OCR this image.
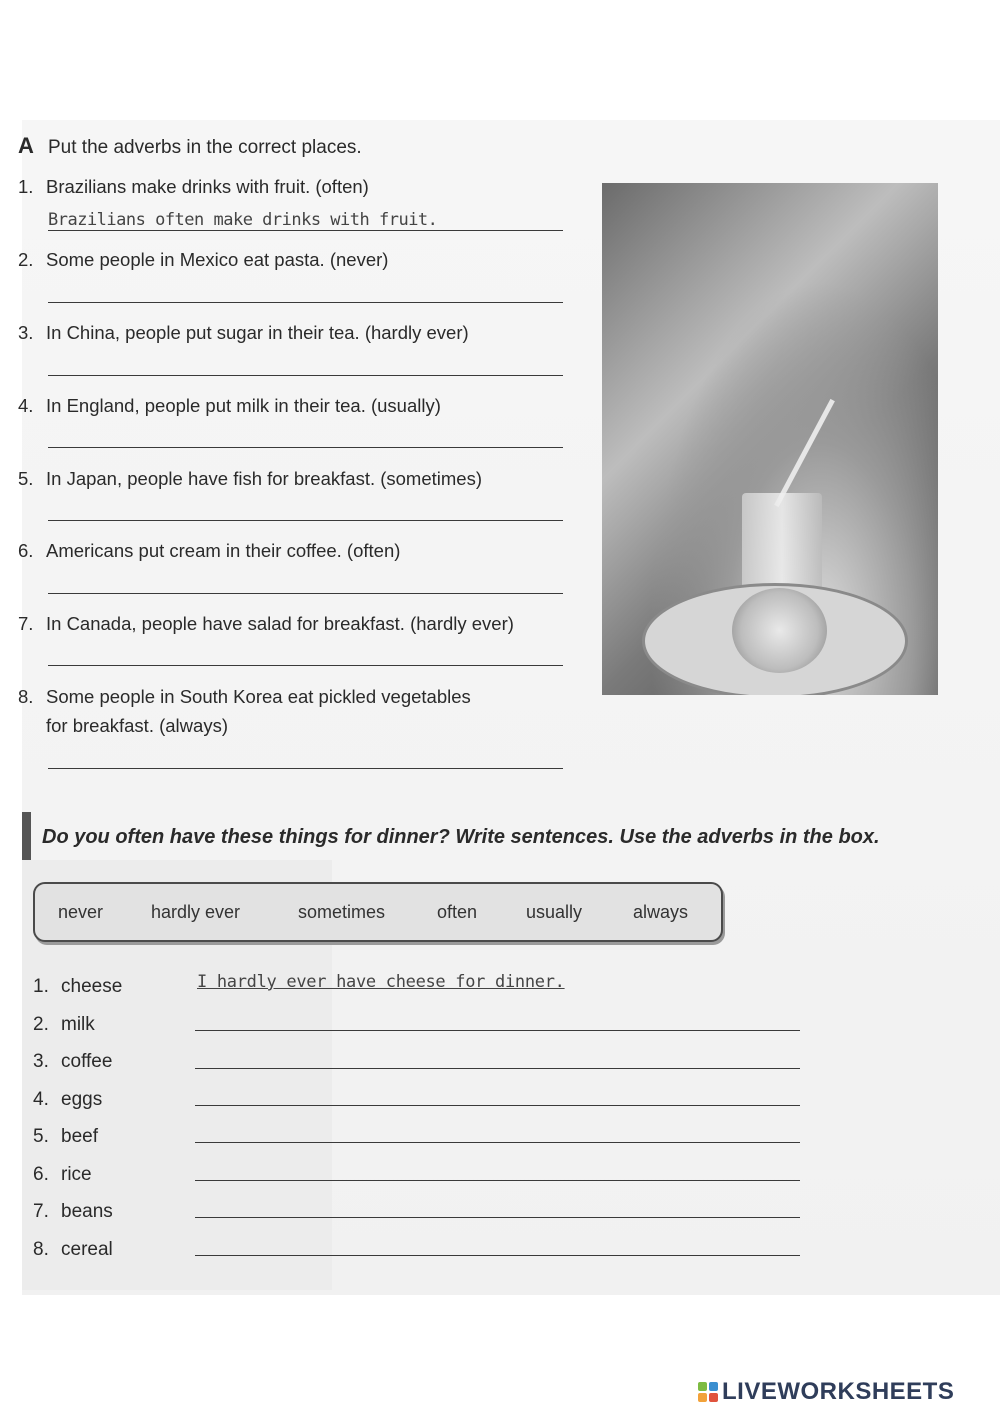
A Put the adverbs in the correct places.
1. Brazilians make drinks with fruit. (often)
Brazilians often make drinks with fruit.
2. Some people in Mexico eat pasta. (never)
3. In China, people put sugar in their tea. (hardly ever)
4. In England, people put milk in their tea. (usually)
5. In Japan, people have fish for breakfast. (sometimes)
6. Americans put cream in their coffee. (often)
7. In Canada, people have salad for breakfast. (hardly ever)
8. Some people in South Korea eat pickled vegetables
for breakfast. (always)
Do you often have these things for dinner? Write sentences. Use the adverbs in the box.
never	hardly ever	sometimes	often	usually	always
1. cheese	I hardly ever have cheese for dinner.
2. milk
3. coffee
4. eggs
5. beef
6. rice
7. beans
8. cereal
LIVEWORKSHEETS
